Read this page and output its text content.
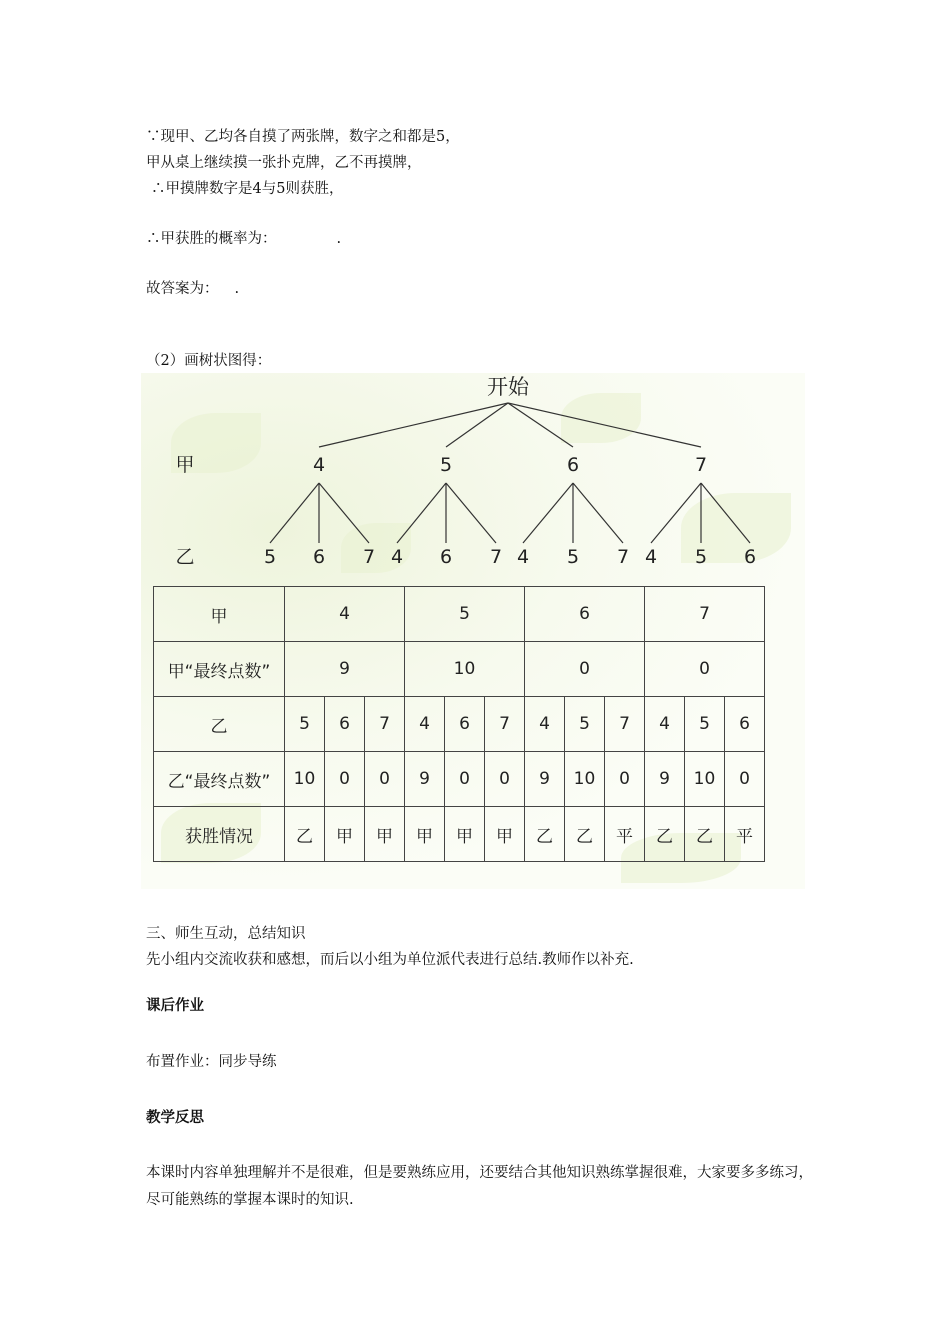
∵现甲、乙均各自摸了两张牌，数字之和都是5，
甲从桌上继续摸一张扑克牌，乙不再摸牌，
∴甲摸牌数字是4与5则获胜，
∴甲获胜的概率为：	.
故答案为： .
（2）画树状图得：
开始
甲
乙
4
5 6 7
5
4 6 7
6
4 5 7
7
4 5 6
甲	4			5			6			7		
甲“最终点数”	9			10			0			0		
乙	5	6	7	4	6	7	4	5	7	4	5	6
乙“最终点数”	10	0	0	9	0	0	9	10	0	9	10	0
获胜情况	乙	甲	甲	甲	甲	甲	乙	乙	平	乙	乙	平
三、师生互动，总结知识
先小组内交流收获和感想，而后以小组为单位派代表进行总结.教师作以补充.
课后作业
布置作业：同步导练
教学反思
本课时内容单独理解并不是很难，但是要熟练应用，还要结合其他知识熟练掌握很难，大家要多多练习，尽可能熟练的掌握本课时的知识.
